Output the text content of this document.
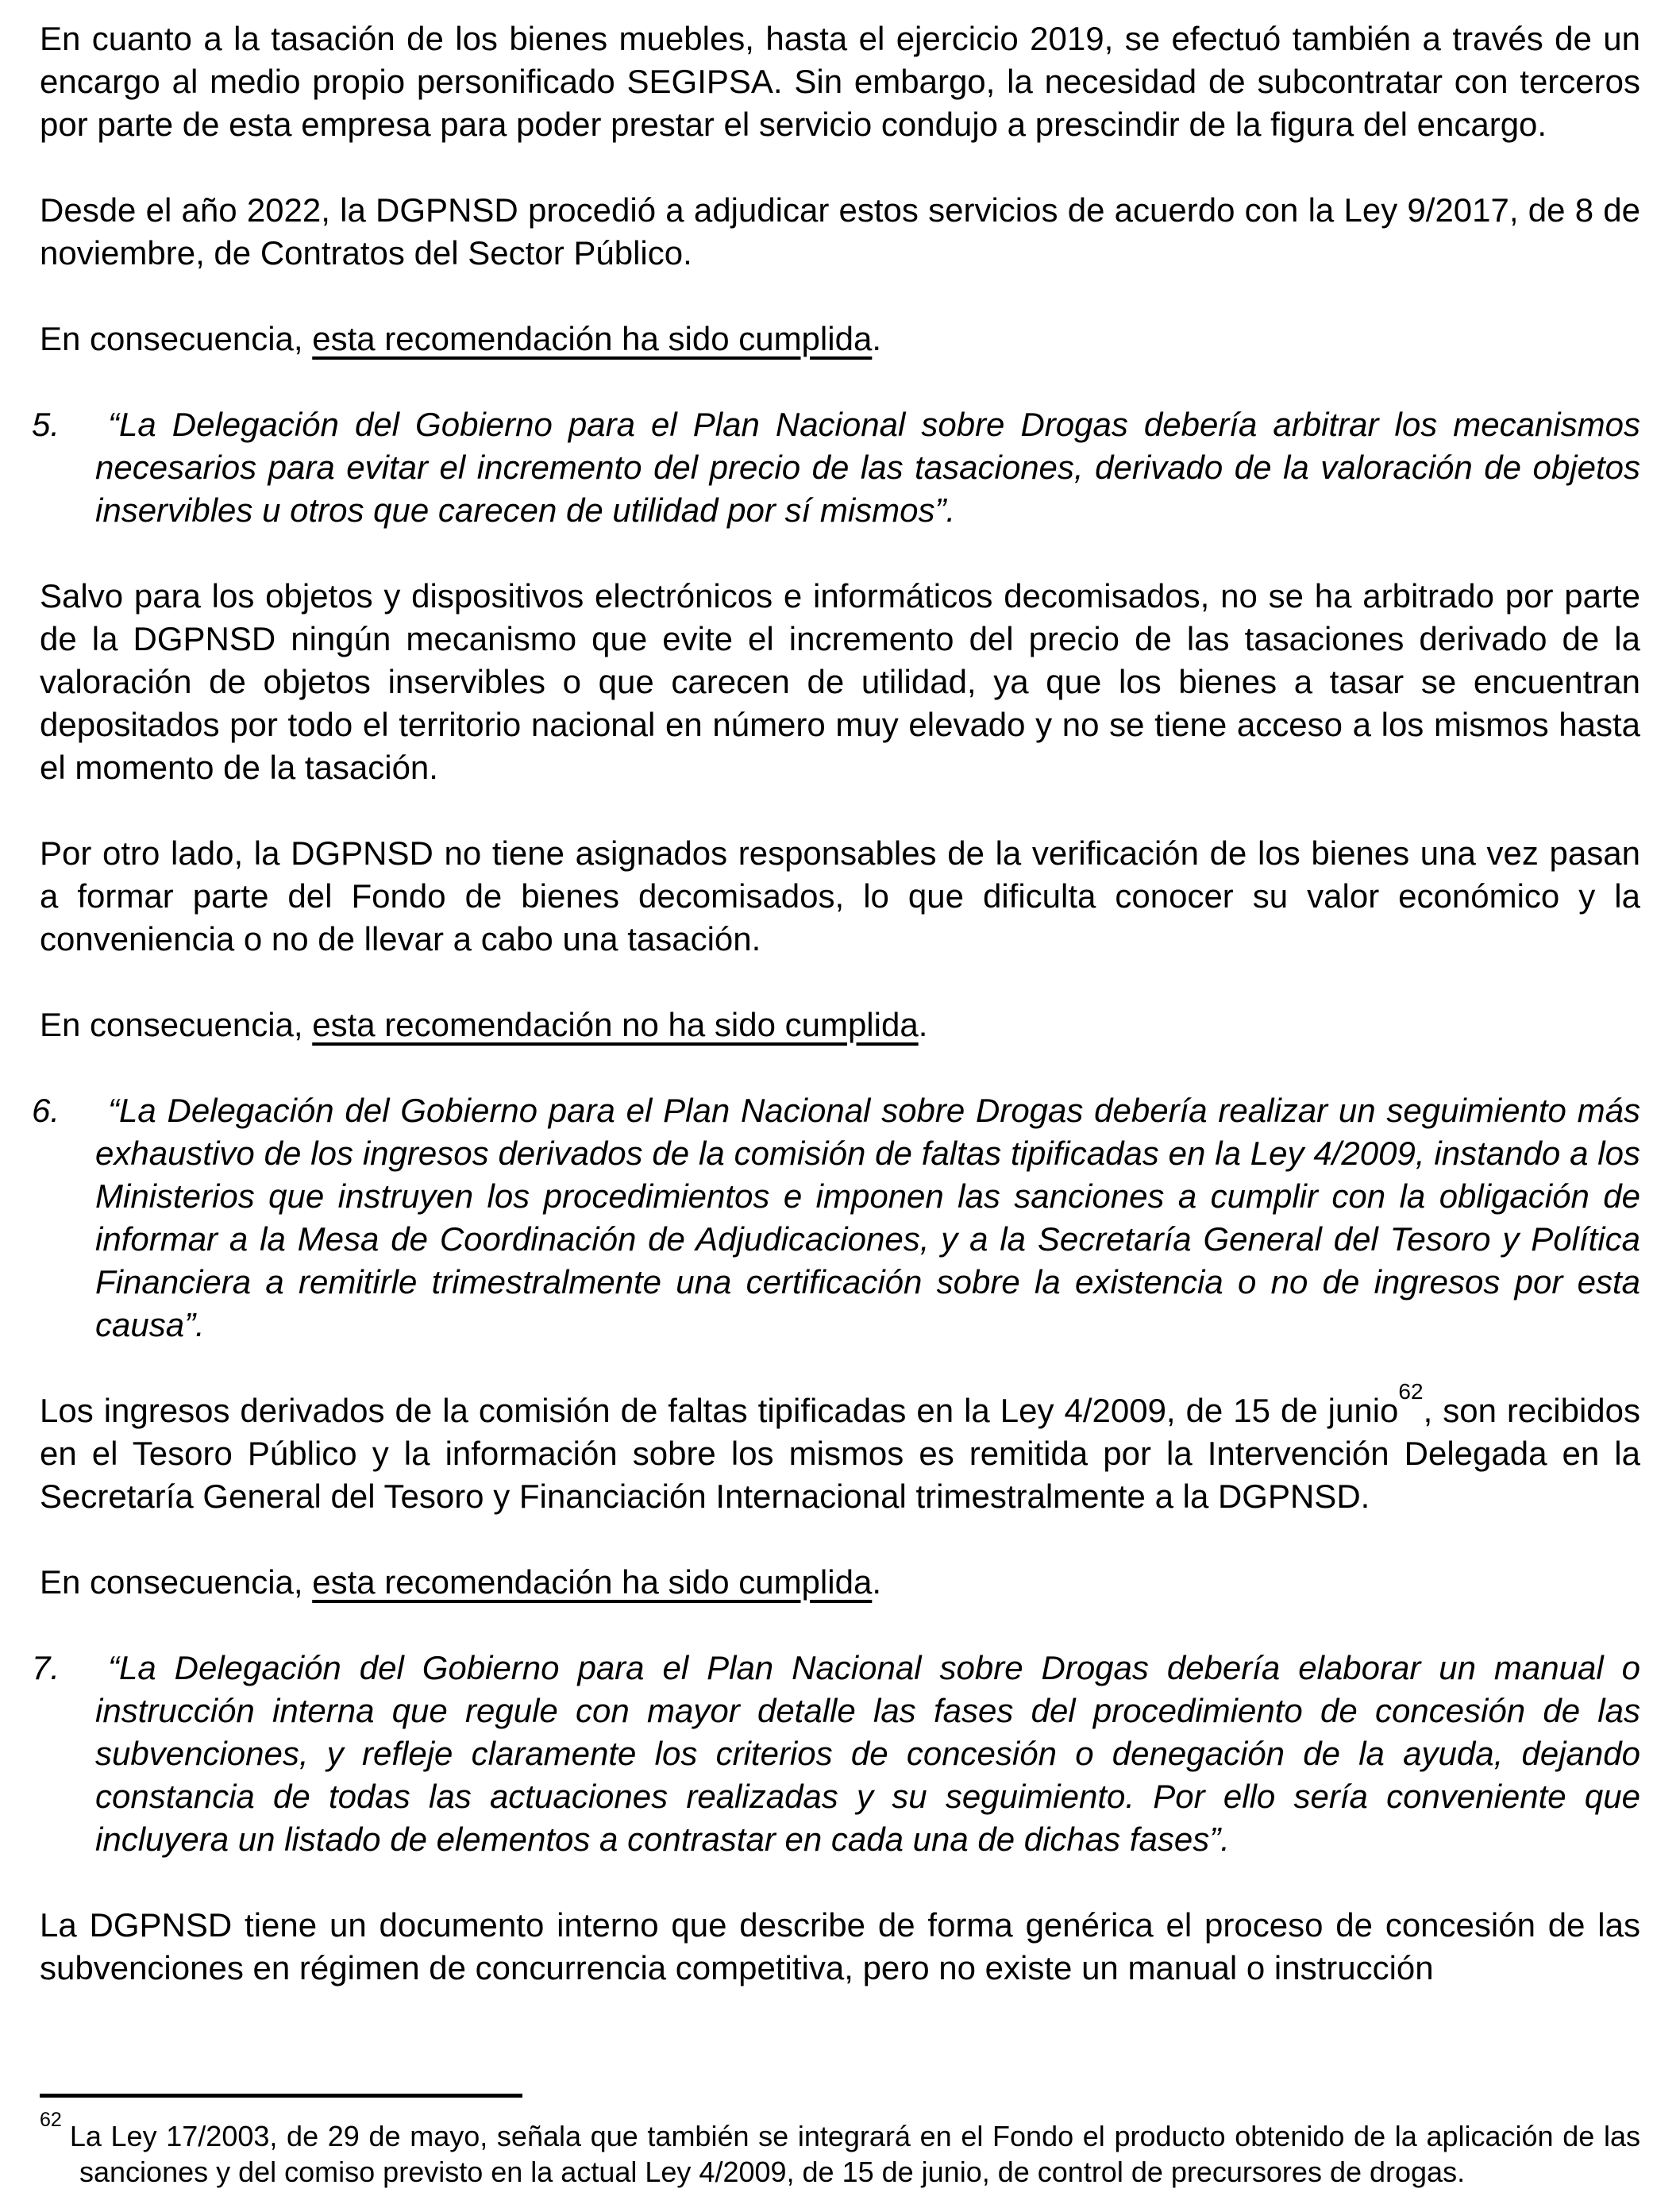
En cuanto a la tasación de los bienes muebles, hasta el ejercicio 2019, se efectuó también a través de un encargo al medio propio personificado SEGIPSA. Sin embargo, la necesidad de subcontratar con terceros por parte de esta empresa para poder prestar el servicio condujo a prescindir de la figura del encargo.

Desde el año 2022, la DGPNSD procedió a adjudicar estos servicios de acuerdo con la Ley 9/2017, de 8 de noviembre, de Contratos del Sector Público.

En consecuencia, esta recomendación ha sido cumplida.

5. “La Delegación del Gobierno para el Plan Nacional sobre Drogas debería arbitrar los mecanismos necesarios para evitar el incremento del precio de las tasaciones, derivado de la valoración de objetos inservibles u otros que carecen de utilidad por sí mismos”.

Salvo para los objetos y dispositivos electrónicos e informáticos decomisados, no se ha arbitrado por parte de la DGPNSD ningún mecanismo que evite el incremento del precio de las tasaciones derivado de la valoración de objetos inservibles o que carecen de utilidad, ya que los bienes a tasar se encuentran depositados por todo el territorio nacional en número muy elevado y no se tiene acceso a los mismos hasta el momento de la tasación.

Por otro lado, la DGPNSD no tiene asignados responsables de la verificación de los bienes una vez pasan a formar parte del Fondo de bienes decomisados, lo que dificulta conocer su valor económico y la conveniencia o no de llevar a cabo una tasación.

En consecuencia, esta recomendación no ha sido cumplida.

6. “La Delegación del Gobierno para el Plan Nacional sobre Drogas debería realizar un seguimiento más exhaustivo de los ingresos derivados de la comisión de faltas tipificadas en la Ley 4/2009, instando a los Ministerios que instruyen los procedimientos e imponen las sanciones a cumplir con la obligación de informar a la Mesa de Coordinación de Adjudicaciones, y a la Secretaría General del Tesoro y Política Financiera a remitirle trimestralmente una certificación sobre la existencia o no de ingresos por esta causa”.

Los ingresos derivados de la comisión de faltas tipificadas en la Ley 4/2009, de 15 de junio$^{62}$, son recibidos en el Tesoro Público y la información sobre los mismos es remitida por la Intervención Delegada en la Secretaría General del Tesoro y Financiación Internacional trimestralmente a la DGPNSD.

En consecuencia, esta recomendación ha sido cumplida.

7. “La Delegación del Gobierno para el Plan Nacional sobre Drogas debería elaborar un manual o instrucción interna que regule con mayor detalle las fases del procedimiento de concesión de las subvenciones, y refleje claramente los criterios de concesión o denegación de la ayuda, dejando constancia de todas las actuaciones realizadas y su seguimiento. Por ello sería conveniente que incluyera un listado de elementos a contrastar en cada una de dichas fases”.

La DGPNSD tiene un documento interno que describe de forma genérica el proceso de concesión de las subvenciones en régimen de concurrencia competitiva, pero no existe un manual o instrucción

$^{62}$ La Ley 17/2003, de 29 de mayo, señala que también se integrará en el Fondo el producto obtenido de la aplicación de las sanciones y del comiso previsto en la actual Ley 4/2009, de 15 de junio, de control de precursores de drogas.
